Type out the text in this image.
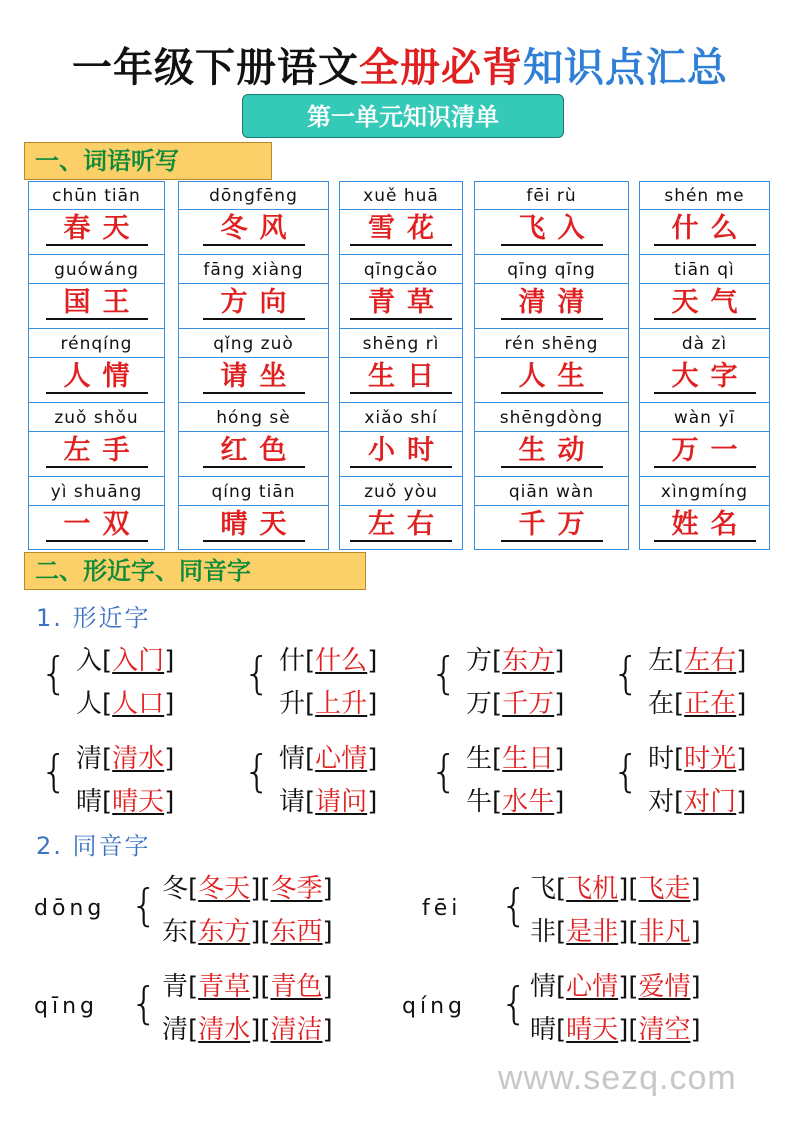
一年级下册语文全册必背知识点汇总
第一单元知识清单
一、词语听写
chūn tiān
春天
guówáng
国王
rénqíng
人情
zuǒ shǒu
左手
yì shuāng
一双
dōngfēng
冬风
fāng xiàng
方向
qǐng zuò
请坐
hóng sè
红色
qíng tiān
晴天
xuě huā
雪花
qīngcǎo
青草
shēng rì
生日
xiǎo shí
小时
zuǒ yòu
左右
fēi rù
飞入
qīng qīng
清清
rén shēng
人生
shēngdòng
生动
qiān wàn
千万
shén me
什么
tiān qì
天气
dà zì
大字
wàn yī
万一
xìngmíng
姓名
二、形近字、同音字
1. 形近字
{ 入[入门]
人[人口]
{ 什[什么]
升[上升]
{ 方[东方]
万[千万]
{ 左[左右]
在[正在]
{ 清[清水]
晴[晴天]
{ 情[心情]
请[请问]
{ 生[生日]
牛[水牛]
{ 时[时光]
对[对门]
2. 同音字
dōng { 冬[冬天][冬季]
东[东方][东西]
fēi { 飞[飞机][飞走]
非[是非][非凡]
qīng { 青[青草][青色]
清[清水][清洁]
qíng { 情[心情][爱情]
晴[晴天][清空]
www.sezq.com
